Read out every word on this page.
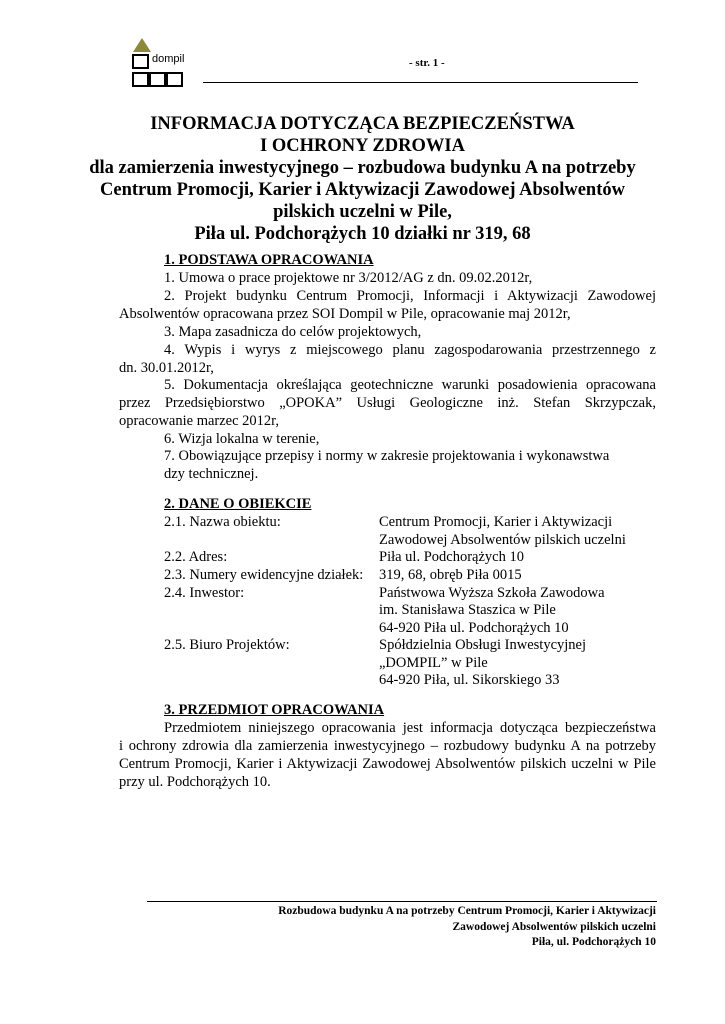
dompil	- str. 1 -
INFORMACJA DOTYCZĄCA BEZPIECZEŃSTWA
I OCHRONY ZDROWIA
dla zamierzenia inwestycyjnego – rozbudowa budynku A na potrzeby
Centrum Promocji, Karier i Aktywizacji Zawodowej Absolwentów
pilskich uczelni w Pile,
Piła ul. Podchorążych 10 działki nr 319, 68
1. PODSTAWA OPRACOWANIA
1. Umowa o prace projektowe nr 3/2012/AG z dn. 09.02.2012r,
2. Projekt budynku Centrum Promocji, Informacji i Aktywizacji Zawodowej
Absolwentów opracowana przez SOI Dompil w Pile, opracowanie maj 2012r,
3. Mapa zasadnicza do celów projektowych,
4. Wypis i wyrys z miejscowego planu zagospodarowania przestrzennego z
dn. 30.01.2012r,
5. Dokumentacja określająca geotechniczne warunki posadowienia opracowana
przez Przedsiębiorstwo „OPOKA” Usługi Geologiczne inż. Stefan Skrzypczak,
opracowanie marzec 2012r,
6. Wizja lokalna w terenie,
7. Obowiązujące przepisy i normy w zakresie projektowania i wykonawstwa
dzy technicznej.
2. DANE O OBIEKCIE
2.1. Nazwa obiektu:	Centrum Promocji, Karier i Aktywizacji
Zawodowej Absolwentów pilskich uczelni
2.2. Adres:	Piła ul. Podchorążych 10
2.3. Numery ewidencyjne działek: 319, 68, obręb Piła 0015
2.4. Inwestor:	Państwowa Wyższa Szkoła Zawodowa
im. Stanisława Staszica w Pile
64-920 Piła ul. Podchorążych 10
2.5. Biuro Projektów:	Spółdzielnia Obsługi Inwestycyjnej
„DOMPIL” w Pile
64-920 Piła, ul. Sikorskiego 33
3. PRZEDMIOT OPRACOWANIA
Przedmiotem niniejszego opracowania jest informacja dotycząca bezpieczeństwa
i ochrony zdrowia dla zamierzenia inwestycyjnego – rozbudowy budynku A na potrzeby
Centrum Promocji, Karier i Aktywizacji Zawodowej Absolwentów pilskich uczelni w Pile
przy ul. Podchorążych 10.
Rozbudowa budynku A na potrzeby Centrum Promocji, Karier i Aktywizacji
Zawodowej Absolwentów pilskich uczelni
Piła, ul. Podchorążych 10
